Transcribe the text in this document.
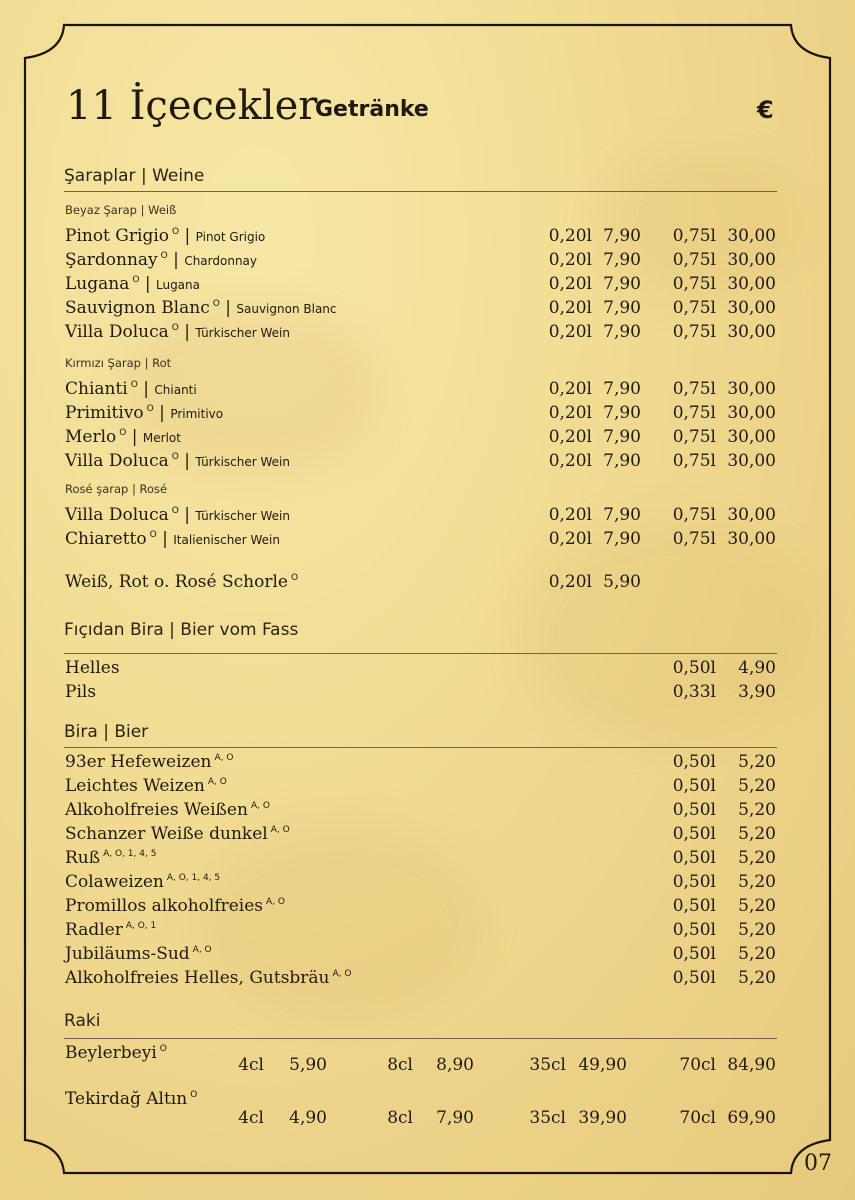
11 İçecekler
Getränke	€
Şaraplar | Weine
Beyaz Şarap | Weiß
Pinot Grigio $^O$ | Pinot Grigio	0,20l 7,90	0,75l 30,00
Şardonnay $^O$ | Chardonnay	0,20l 7,90	0,75l 30,00
Lugana $^O$ | Lugana	0,20l 7,90	0,75l 30,00
Sauvignon Blanc $^O$ | Sauvignon Blanc	0,20l 7,90	0,75l 30,00
Villa Doluca $^O$ | Türkischer Wein	0,20l 7,90	0,75l 30,00
Kırmızı Şarap | Rot
Chianti $^O$ | Chianti	0,20l 7,90	0,75l 30,00
Primitivo $^O$ | Primitivo	0,20l 7,90	0,75l 30,00
Merlo $^O$ | Merlot	0,20l 7,90	0,75l 30,00
Villa Doluca $^O$ | Türkischer Wein	0,20l 7,90	0,75l 30,00
Rosé şarap | Rosé
Villa Doluca $^O$ | Türkischer Wein	0,20l 7,90	0,75l 30,00
Chiaretto $^O$ | Italienischer Wein	0,20l 7,90	0,75l 30,00
Weiß, Rot o. Rosé Schorle $^O$	0,20l 5,90
Fıçıdan Bira | Bier vom Fass
Helles	0,50l	4,90
Pils	0,33l	3,90
Bira | Bier
93er Hefeweizen $^{A, O}$	0,50l	5,20
Leichtes Weizen $^{A, O}$	0,50l	5,20
Alkoholfreies Weißen $^{A, O}$	0,50l	5,20
Schanzer Weiße dunkel $^{A, O}$	0,50l	5,20
Ruß $^{A, O, 1, 4, 5}$	0,50l	5,20
Colaweizen $^{A, O, 1, 4, 5}$	0,50l	5,20
Promillos alkoholfreies $^{A, O}$	0,50l	5,20
Radler $^{A, O, 1}$	0,50l	5,20
Jubiläums-Sud $^{A, O}$	0,50l	5,20
Alkoholfreies Helles, Gutsbräu $^{A, O}$	0,50l	5,20
Raki
Beylerbeyi $^O$
4cl	5,90	8cl	8,90	35cl 49,90	70cl 84,90
Tekirdağ Altın $^O$
4cl	4,90	8cl	7,90	35cl 39,90	70cl 69,90
07
